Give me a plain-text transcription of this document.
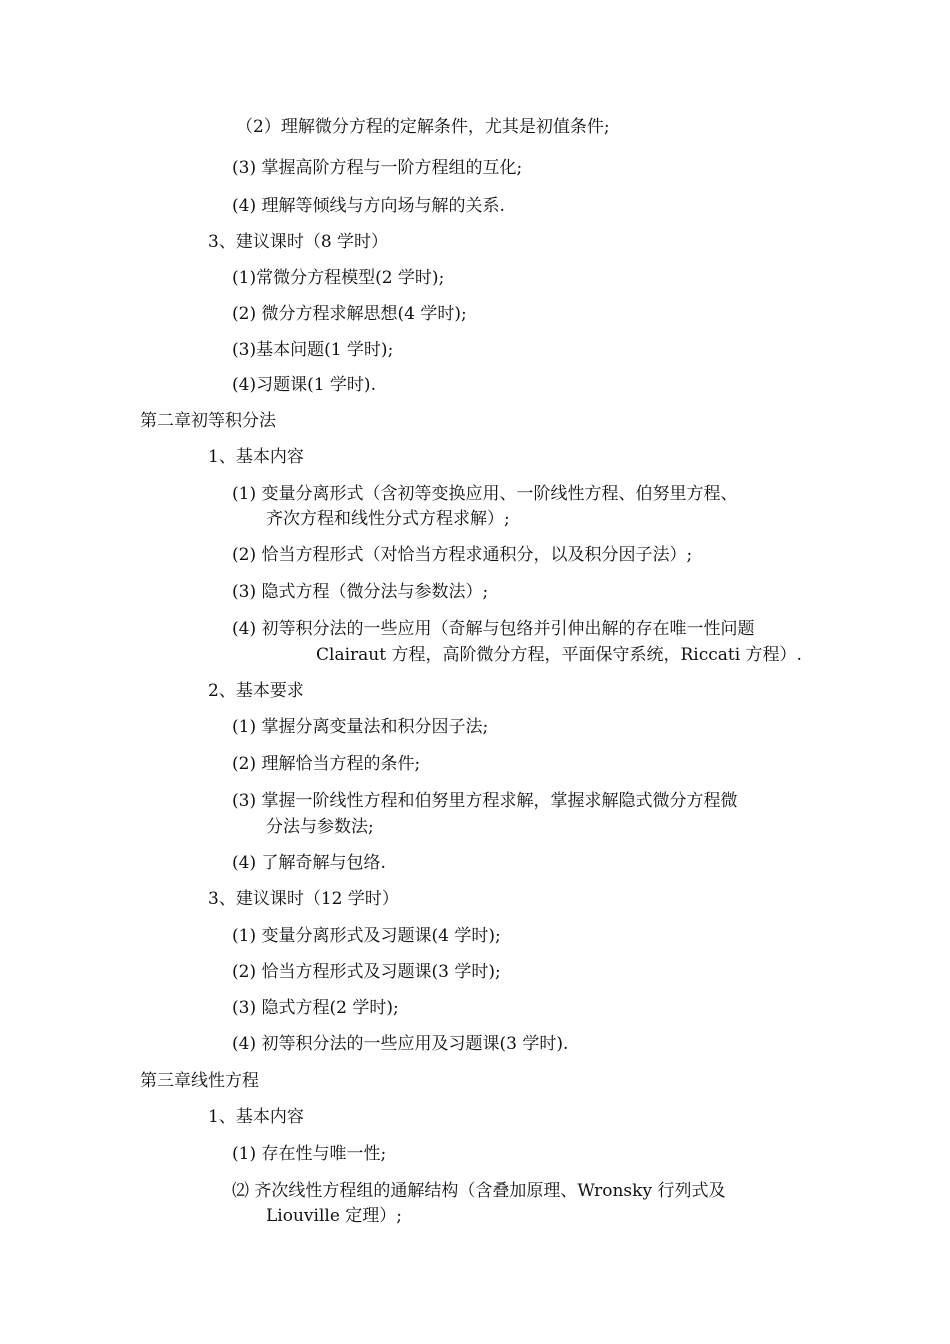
（2）理解微分方程的定解条件，尤其是初值条件;
(3) 掌握高阶方程与一阶方程组的互化;
(4) 理解等倾线与方向场与解的关系.
3、建议课时（8 学时）
(1)常微分方程模型(2 学时);
(2) 微分方程求解思想(4 学时);
(3)基本问题(1 学时);
(4)习题课(1 学时).
第二章初等积分法
1、基本内容
(1) 变量分离形式（含初等变换应用、一阶线性方程、伯努里方程、
齐次方程和线性分式方程求解）;
(2) 恰当方程形式（对恰当方程求通积分，以及积分因子法）;
(3) 隐式方程（微分法与参数法）;
(4) 初等积分法的一些应用（奇解与包络并引伸出解的存在唯一性问题
Clairaut 方程，高阶微分方程，平面保守系统，Riccati 方程）.
2、基本要求
(1) 掌握分离变量法和积分因子法;
(2) 理解恰当方程的条件;
(3) 掌握一阶线性方程和伯努里方程求解，掌握求解隐式微分方程微
分法与参数法;
(4) 了解奇解与包络.
3、建议课时（12 学时）
(1) 变量分离形式及习题课(4 学时);
(2) 恰当方程形式及习题课(3 学时);
(3) 隐式方程(2 学时);
(4) 初等积分法的一些应用及习题课(3 学时).
第三章线性方程
1、基本内容
(1) 存在性与唯一性;
⑵ 齐次线性方程组的通解结构（含叠加原理、Wronsky 行列式及
Liouville 定理）;
